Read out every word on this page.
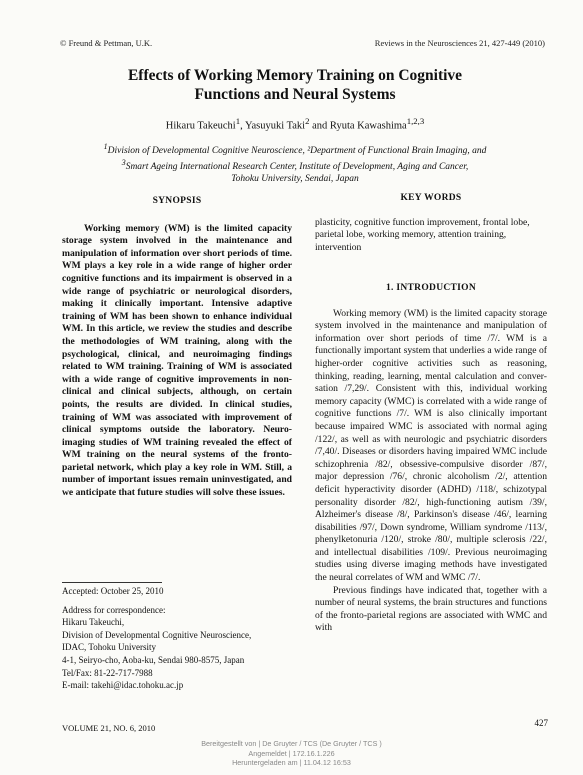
© Freund & Pettman, U.K.	Reviews in the Neurosciences 21, 427-449 (2010)
Effects of Working Memory Training on Cognitive
Functions and Neural Systems
Hikaru Takeuchi$^1$, Yasuyuki Taki$^2$ and Ryuta Kawashima$^{1,2,3}$
$^1$Division of Developmental Cognitive Neuroscience, ²Department of Functional Brain Imaging, and
$^3$Smart Ageing International Research Center, Institute of Development, Aging and Cancer,
Tohoku University, Sendai, Japan
SYNOPSIS
Working memory (WM) is the limited capacity storage system involved in the maintenance and manipulation of information over short periods of time. WM plays a key role in a wide range of higher order cognitive functions and its impairment is observed in a wide range of psychiatric or neurological disorders, making it clinically important. Intensive adaptive training of WM has been shown to enhance individual WM. In this article, we review the studies and describe the methodologies of WM training, along with the psychological, clinical, and neuroimaging findings related to WM training. Training of WM is associated with a wide range of cognitive improvements in non-clinical and clinical subjects, although, on certain points, the results are divided. In clinical studies, training of WM was associated with improvement of clinical symptoms outside the laboratory. Neuro-imaging studies of WM training revealed the effect of WM training on the neural systems of the fronto-parietal network, which play a key role in WM. Still, a number of important issues remain uninvestigated, and we anticipate that future studies will solve these issues.
Accepted: October 25, 2010
Address for correspondence:
Hikaru Takeuchi,
Division of Developmental Cognitive Neuroscience,
IDAC, Tohoku University
4-1, Seiryo-cho, Aoba-ku, Sendai 980-8575, Japan
Tel/Fax: 81-22-717-7988
E-mail: takehi@idac.tohoku.ac.jp
KEY WORDS
plasticity, cognitive function improvement, frontal lobe, parietal lobe, working memory, attention training, intervention
1. INTRODUCTION

Working memory (WM) is the limited capacity storage system involved in the maintenance and manipulation of information over short periods of time /7/. WM is a functionally important system that underlies a wide range of higher-order cognitive activities such as reasoning, thinking, reading, learning, mental calculation and conver-sation /7,29/. Consistent with this, individual working memory capacity (WMC) is correlated with a wide range of cognitive functions /7/. WM is also clinically important because impaired WMC is associated with normal aging /122/, as well as with neurologic and psychiatric disorders /7,40/. Diseases or disorders having impaired WMC include schizophrenia /82/, obsessive-compulsive disorder /87/, major depression /76/, chronic alcoholism /2/, attention deficit hyperactivity disorder (ADHD) /118/, schizotypal personality disorder /82/, high-functioning autism /39/, Alzheimer's disease /8/, Parkinson's disease /46/, learning disabilities /97/, Down syndrome, William syndrome /113/, phenylketonuria /120/, stroke /80/, multiple sclerosis /22/, and intellectual disabilities /109/. Previous neuroimaging studies using diverse imaging methods have investigated the neural correlates of WM and WMC /7/.

Previous findings have indicated that, together with a number of neural systems, the brain structures and functions of the fronto-parietal regions are associated with WMC and with

VOLUME 21, NO. 6, 2010	427
Bereitgestellt von | De Gruyter / TCS (De Gruyter / TCS )
Angemeldet | 172.16.1.226
Heruntergeladen am | 11.04.12 16:53
